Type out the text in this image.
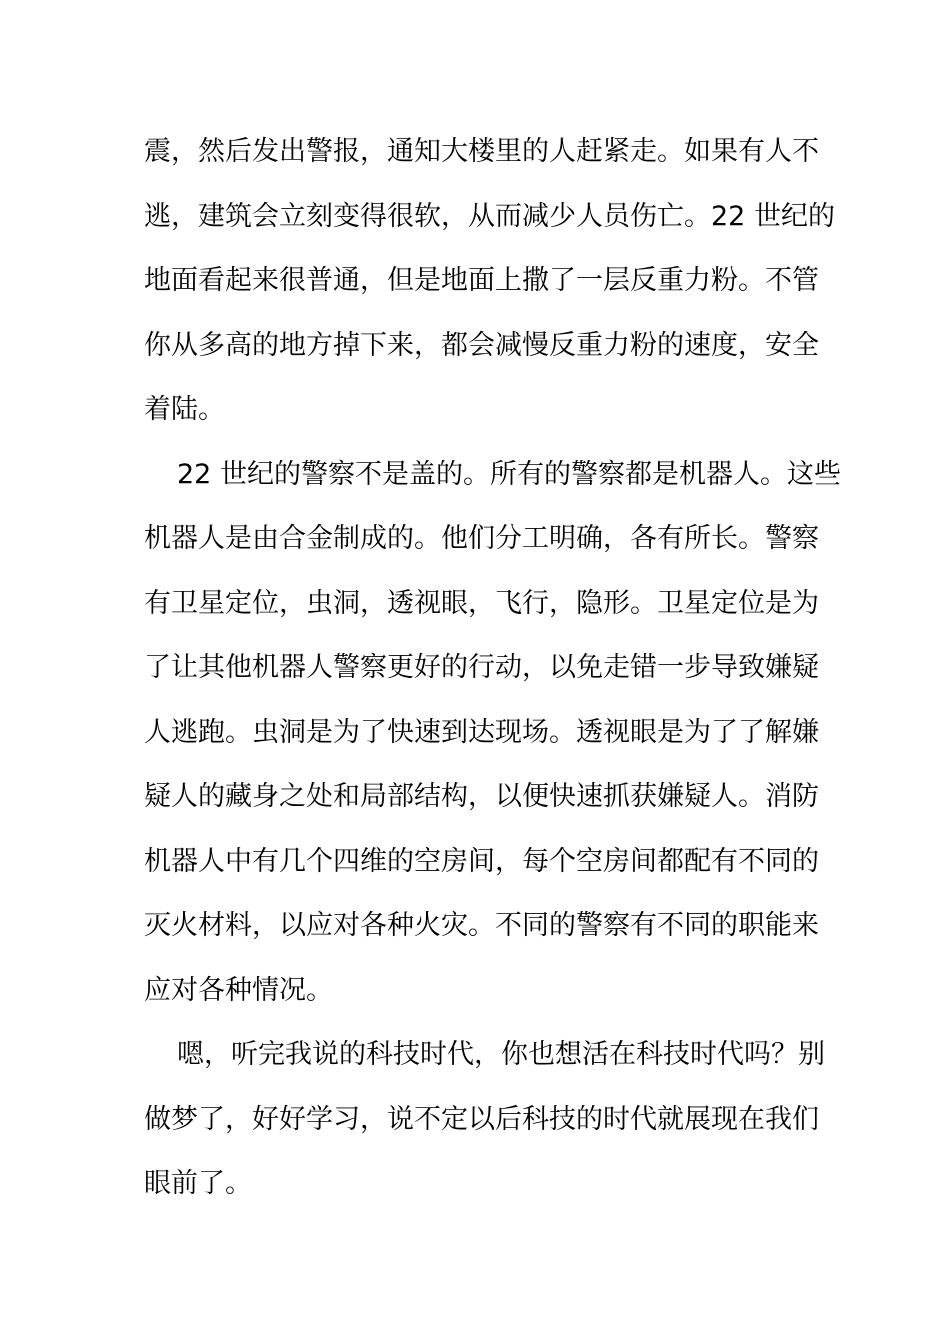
震，然后发出警报，通知大楼里的人赶紧走。如果有人不
逃，建筑会立刻变得很软，从而减少人员伤亡。22 世纪的
地面看起来很普通，但是地面上撒了一层反重力粉。不管
你从多高的地方掉下来，都会减慢反重力粉的速度，安全
着陆。
22 世纪的警察不是盖的。所有的警察都是机器人。这些
机器人是由合金制成的。他们分工明确，各有所长。警察
有卫星定位，虫洞，透视眼，飞行，隐形。卫星定位是为
了让其他机器人警察更好的行动，以免走错一步导致嫌疑
人逃跑。虫洞是为了快速到达现场。透视眼是为了了解嫌
疑人的藏身之处和局部结构，以便快速抓获嫌疑人。消防
机器人中有几个四维的空房间，每个空房间都配有不同的
灭火材料，以应对各种火灾。不同的警察有不同的职能来
应对各种情况。
嗯，听完我说的科技时代，你也想活在科技时代吗？别
做梦了，好好学习，说不定以后科技的时代就展现在我们
眼前了。
